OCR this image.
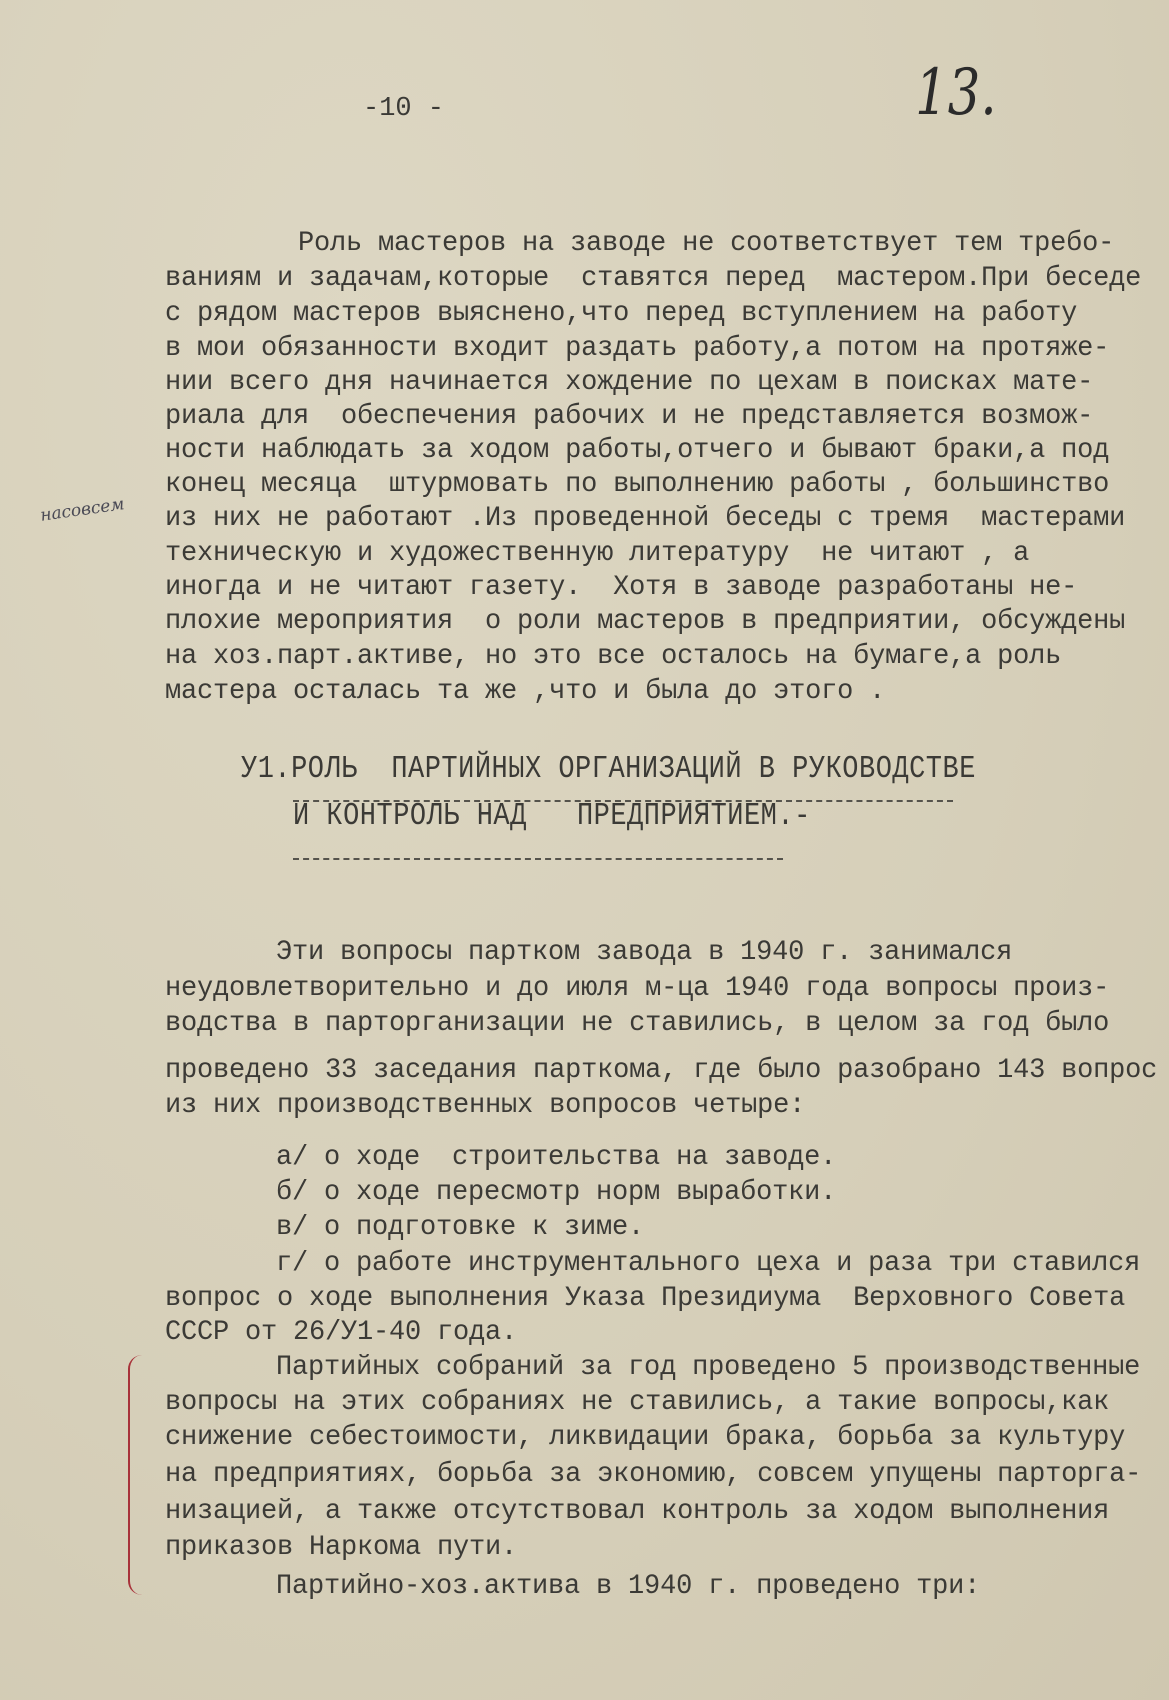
-10 -	13.
насовсем
Роль мастеров на заводе не соответствует тем требо-
ваниям и задачам,которые  ставятся перед  мастером.При беседе
с рядом мастеров выяснено,что перед вступлением на работу
в мои обязанности входит раздать работу,а потом на протяже-
нии всего дня начинается хождение по цехам в поисках мате-
риала для  обеспечения рабочих и не представляется возмож-
ности наблюдать за ходом работы,отчего и бывают браки,а под
конец месяца  штурмовать по выполнению работы , большинство
из них не работают .Из проведенной беседы с тремя  мастерами
техническую и художественную литературу  не читают , а
иногда и не читают газету.  Хотя в заводе разработаны не-
плохие мероприятия  о роли мастеров в предприятии, обсуждены
на хоз.парт.активе, но это все осталось на бумаге,а роль
мастера осталась та же ,что и была до этого .
У1.РОЛЬ  ПАРТИЙНЫХ ОРГАНИЗАЦИЙ В РУКОВОДСТВЕ
И КОНТРОЛЬ НАД   ПРЕДПРИЯТИЕМ.-
Эти вопросы партком завода в 1940 г. занимался
неудовлетворительно и до июля м-ца 1940 года вопросы произ-
водства в парторганизации не ставились, в целом за год было
проведено 33 заседания парткома, где было разобрано 143 вопрос
из них производственных вопросов четыре:
а/ о ходе  строительства на заводе.
б/ о ходе пересмотр норм выработки.
в/ о подготовке к зиме.
г/ о работе инструментального цеха и раза три ставился
вопрос о ходе выполнения Указа Президиума  Верховного Совета
СССР от 26/У1-40 года.
Партийных собраний за год проведено 5 производственные
вопросы на этих собраниях не ставились, а такие вопросы,как
снижение себестоимости, ликвидации брака, борьба за культуру
на предприятиях, борьба за экономию, совсем упущены парторга-
низацией, а также отсутствовал контроль за ходом выполнения
приказов Наркома пути.
Партийно-хоз.актива в 1940 г. проведено три:
